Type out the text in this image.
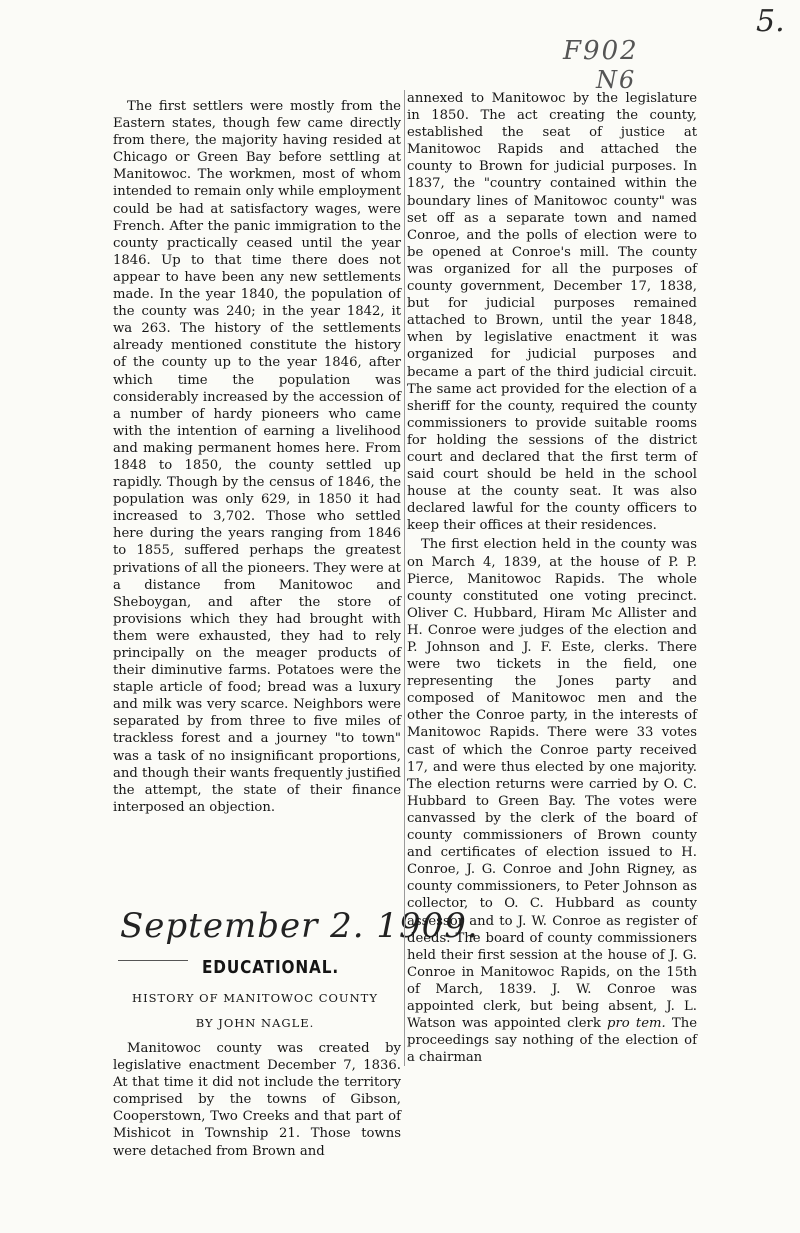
5.
F902
N6

The first settlers were mostly from the Eastern states, though few came directly from there, the majority having resided at Chicago or Green Bay before settling at Manitowoc. The workmen, most of whom intended to remain only while employment could be had at satisfactory wages, were French. After the panic immigration to the county practically ceased until the year 1846. Up to that time there does not appear to have been any new settlements made. In the year 1840, the population of the county was 240; in the year 1842, it wa 263. The history of the settlements already mentioned constitute the history of the county up to the year 1846, after which time the population was considerably increased by the accession of a number of hardy pioneers who came with the intention of earning a livelihood and making permanent homes here. From 1848 to 1850, the county settled up rapidly. Though by the census of 1846, the population was only 629, in 1850 it had increased to 3,702. Those who settled here during the years ranging from 1846 to 1855, suffered perhaps the greatest privations of all the pioneers. They were at a distance from Manitowoc and Sheboygan, and after the store of provisions which they had brought with them were exhausted, they had to rely principally on the meager products of their diminutive farms. Potatoes were the staple article of food; bread was a luxury and milk was very scarce. Neighbors were separated by from three to five miles of trackless forest and a journey "to town" was a task of no insignificant proportions, and though their wants frequently justified the attempt, the state of their finance interposed an objection.

September 2. 1909.
EDUCATIONAL.
HISTORY OF MANITOWOC COUNTY
BY JOHN NAGLE.

Manitowoc county was created by legislative enactment December 7, 1836. At that time it did not include the territory comprised by the towns of Gibson, Cooperstown, Two Creeks and that part of Mishicot in Township 21. Those towns were detached from Brown and

annexed to Manitowoc by the legislature in 1850. The act creating the county, established the seat of justice at Manitowoc Rapids and attached the county to Brown for judicial purposes. In 1837, the "country contained within the boundary lines of Manitowoc county" was set off as a separate town and named Conroe, and the polls of election were to be opened at Conroe's mill. The county was organized for all the purposes of county government, December 17, 1838, but for judicial purposes remained attached to Brown, until the year 1848, when by legislative enactment it was organized for judicial purposes and became a part of the third judicial circuit. The same act provided for the election of a sheriff for the county, required the county commissioners to provide suitable rooms for holding the sessions of the district court and declared that the first term of said court should be held in the school house at the county seat. It was also declared lawful for the county officers to keep their offices at their residences.

The first election held in the county was on March 4, 1839, at the house of P. P. Pierce, Manitowoc Rapids. The whole county constituted one voting precinct. Oliver C. Hubbard, Hiram Mc Allister and H. Conroe were judges of the election and P. Johnson and J. F. Este, clerks. There were two tickets in the field, one representing the Jones party and composed of Manitowoc men and the other the Conroe party, in the interests of Manitowoc Rapids. There were 33 votes cast of which the Conroe party received 17, and were thus elected by one majority. The election returns were carried by O. C. Hubbard to Green Bay. The votes were canvassed by the clerk of the board of county commissioners of Brown county and certificates of election issued to H. Conroe, J. G. Conroe and John Rigney, as county commissioners, to Peter Johnson as collector, to O. C. Hubbard as county assessor and to J. W. Conroe as register of deeds. The board of county commissioners held their first session at the house of J. G. Conroe in Manitowoc Rapids, on the 15th of March, 1839. J. W. Conroe was appointed clerk, but being absent, J. L. Watson was appointed clerk pro tem. The proceedings say nothing of the election of a chairman
